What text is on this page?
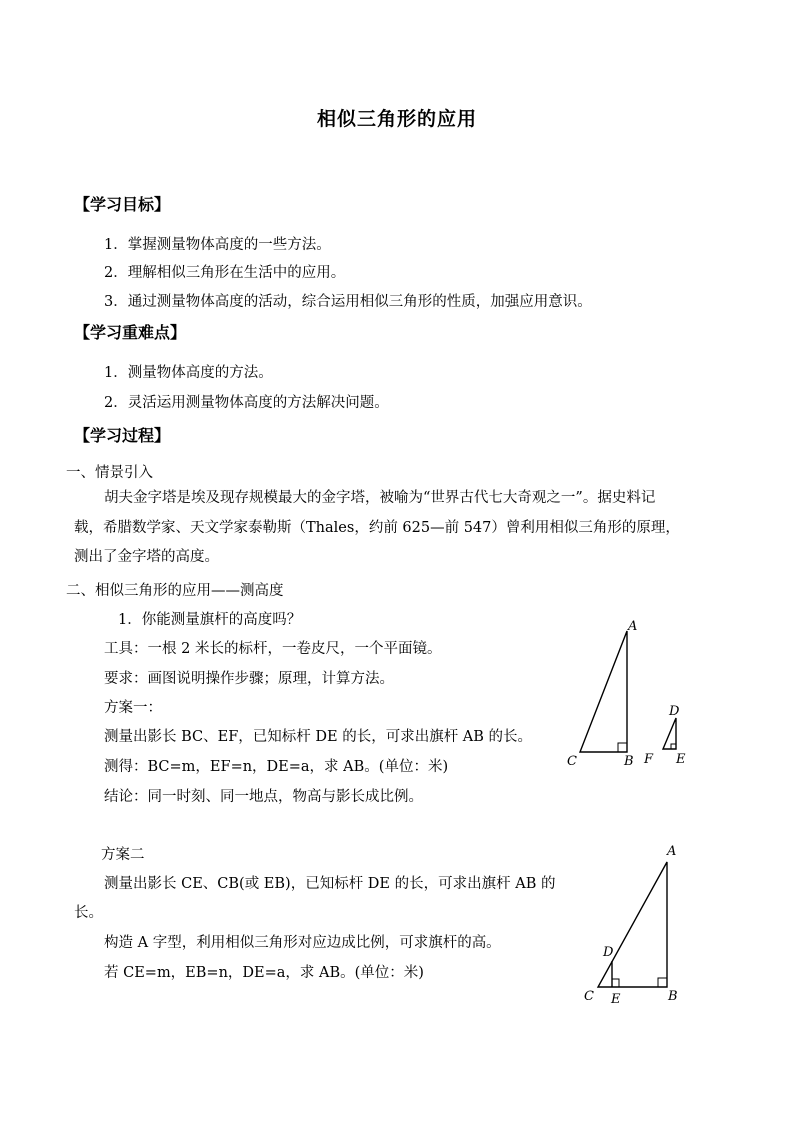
相似三角形的应用
【学习目标】
1．掌握测量物体高度的一些方法。
2．理解相似三角形在生活中的应用。
3．通过测量物体高度的活动，综合运用相似三角形的性质，加强应用意识。
【学习重难点】
1．测量物体高度的方法。
2．灵活运用测量物体高度的方法解决问题。
【学习过程】
一、情景引入
胡夫金字塔是埃及现存规模最大的金字塔，被喻为“世界古代七大奇观之一”。据史料记
载，希腊数学家、天文学家泰勒斯（Thales，约前 625—前 547）曾利用相似三角形的原理，
测出了金字塔的高度。
二、相似三角形的应用——测高度
1．你能测量旗杆的高度吗？
工具：一根 2 米长的标杆，一卷皮尺，一个平面镜。
要求：画图说明操作步骤；原理，计算方法。
方案一：
测量出影长 BC、EF，已知标杆 DE 的长，可求出旗杆 AB 的长。
测得：BC=m，EF=n，DE=a，求 AB。(单位：米)
结论：同一时刻、同一地点，物高与影长成比例。
方案二
测量出影长 CE、CB(或 EB)，已知标杆 DE 的长，可求出旗杆 AB 的
长。
构造 A 字型，利用相似三角形对应边成比例，可求旗杆的高。
若 CE=m，EB=n，DE=a，求 AB。(单位：米)
A
B
C
D
E
F
A
B
C
D
E
